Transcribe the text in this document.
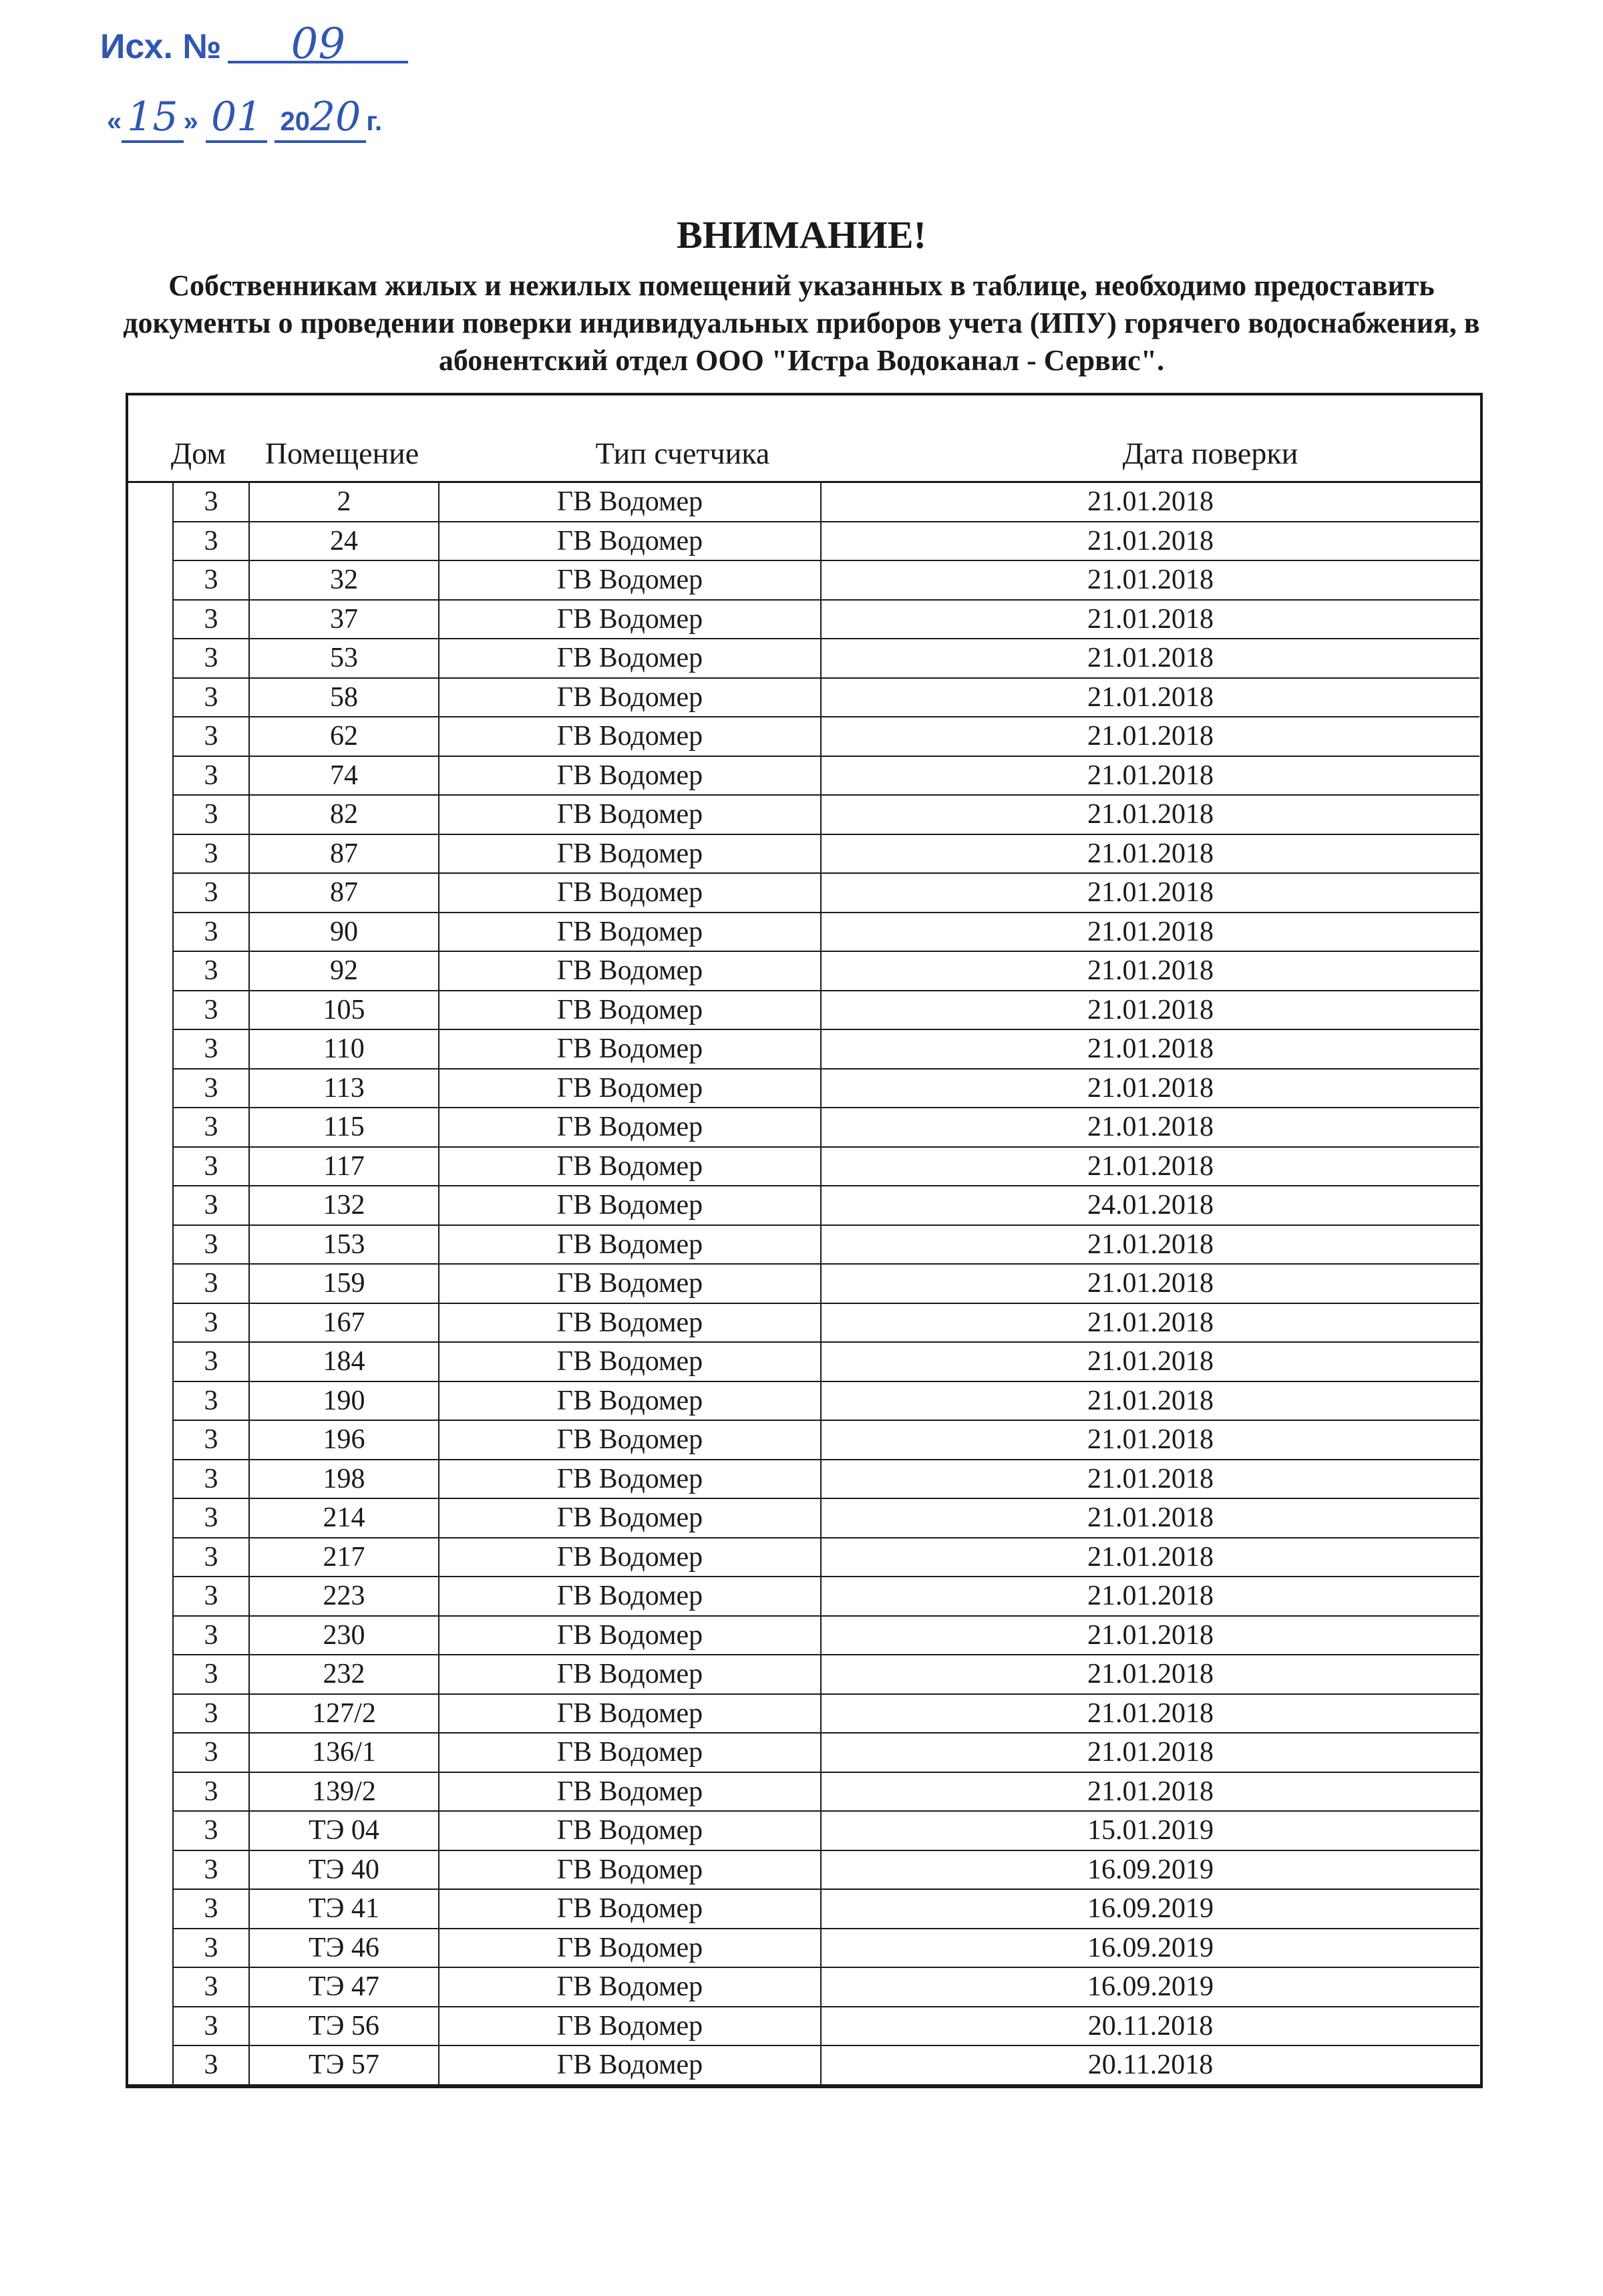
Исх. № 09
« 15 » 01 2020 г.
ВНИМАНИЕ!
Собственникам жилых и нежилых помещений указанных в таблице, необходимо предоставить документы о проведении поверки индивидуальных приборов учета (ИПУ) горячего водоснабжения, в абонентский отдел ООО "Истра Водоканал - Сервис".
Дом	Помещение	Тип счетчика	Дата поверки
3	2	ГВ Водомер	21.01.2018
3	24	ГВ Водомер	21.01.2018
3	32	ГВ Водомер	21.01.2018
3	37	ГВ Водомер	21.01.2018
3	53	ГВ Водомер	21.01.2018
3	58	ГВ Водомер	21.01.2018
3	62	ГВ Водомер	21.01.2018
3	74	ГВ Водомер	21.01.2018
3	82	ГВ Водомер	21.01.2018
3	87	ГВ Водомер	21.01.2018
3	87	ГВ Водомер	21.01.2018
3	90	ГВ Водомер	21.01.2018
3	92	ГВ Водомер	21.01.2018
3	105	ГВ Водомер	21.01.2018
3	110	ГВ Водомер	21.01.2018
3	113	ГВ Водомер	21.01.2018
3	115	ГВ Водомер	21.01.2018
3	117	ГВ Водомер	21.01.2018
3	132	ГВ Водомер	24.01.2018
3	153	ГВ Водомер	21.01.2018
3	159	ГВ Водомер	21.01.2018
3	167	ГВ Водомер	21.01.2018
3	184	ГВ Водомер	21.01.2018
3	190	ГВ Водомер	21.01.2018
3	196	ГВ Водомер	21.01.2018
3	198	ГВ Водомер	21.01.2018
3	214	ГВ Водомер	21.01.2018
3	217	ГВ Водомер	21.01.2018
3	223	ГВ Водомер	21.01.2018
3	230	ГВ Водомер	21.01.2018
3	232	ГВ Водомер	21.01.2018
3	127/2	ГВ Водомер	21.01.2018
3	136/1	ГВ Водомер	21.01.2018
3	139/2	ГВ Водомер	21.01.2018
3	ТЭ 04	ГВ Водомер	15.01.2019
3	ТЭ 40	ГВ Водомер	16.09.2019
3	ТЭ 41	ГВ Водомер	16.09.2019
3	ТЭ 46	ГВ Водомер	16.09.2019
3	ТЭ 47	ГВ Водомер	16.09.2019
3	ТЭ 56	ГВ Водомер	20.11.2018
3	ТЭ 57	ГВ Водомер	20.11.2018
